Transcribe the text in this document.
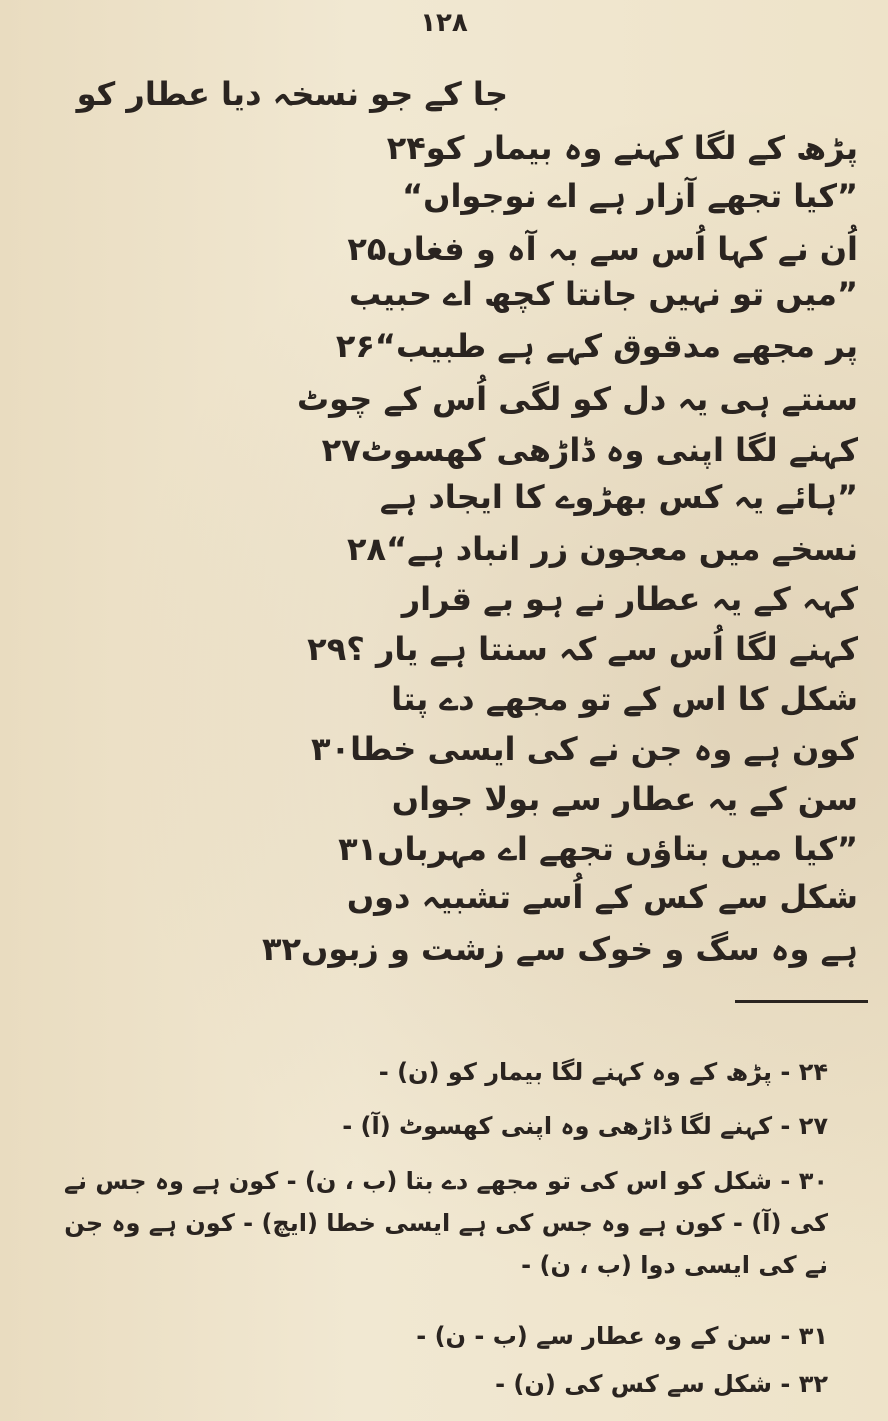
۱۲۸
جا کے جو نسخہ دیا عطار کو
پڑھ کے لگا کہنے وہ بیمار کو۲۴
”کیا تجھے آزار ہے اے نوجواں“
اُن نے کہا اُس سے بہ آہ و فغاں۲۵
”میں تو نہیں جانتا کچھ اے حبیب
پر مجھے مدقوق کہے ہے طبیب“۲۶
سنتے ہی یہ دل کو لگی اُس کے چوٹ
کہنے لگا اپنی وہ ڈاڑھی کھسوٹ۲۷
”ہائے یہ کس بھڑوے کا ایجاد ہے
نسخے میں معجون زر انباد ہے“۲۸
کہہ کے یہ عطار نے ہو بے قرار
کہنے لگا اُس سے کہ سنتا ہے یار ؟۲۹
شکل کا اس کے تو مجھے دے پتا
کون ہے وہ جن نے کی ایسی خطا۳۰
سن کے یہ عطار سے بولا جواں
”کیا میں بتاؤں تجھے اے مہرباں۳۱
شکل سے کس کے اُسے تشبیہ دوں
ہے وہ سگ و خوک سے زشت و زبوں۳۲
۲۴ - پڑھ کے وہ کہنے لگا بیمار کو (ن) -
۲۷ - کہنے لگا ڈاڑھی وہ اپنی کھسوٹ (آ) -
۳۰ - شکل کو اس کی تو مجھے دے بتا (ب ، ن) - کون ہے وہ جس نے کی (آ) - کون ہے وہ جس کی ہے ایسی خطا (ایچ) - کون ہے وہ جن نے کی ایسی دوا (ب ، ن) -
۳۱ - سن کے وہ عطار سے (ب - ن) -
۳۲ - شکل سے کس کی (ن) -
